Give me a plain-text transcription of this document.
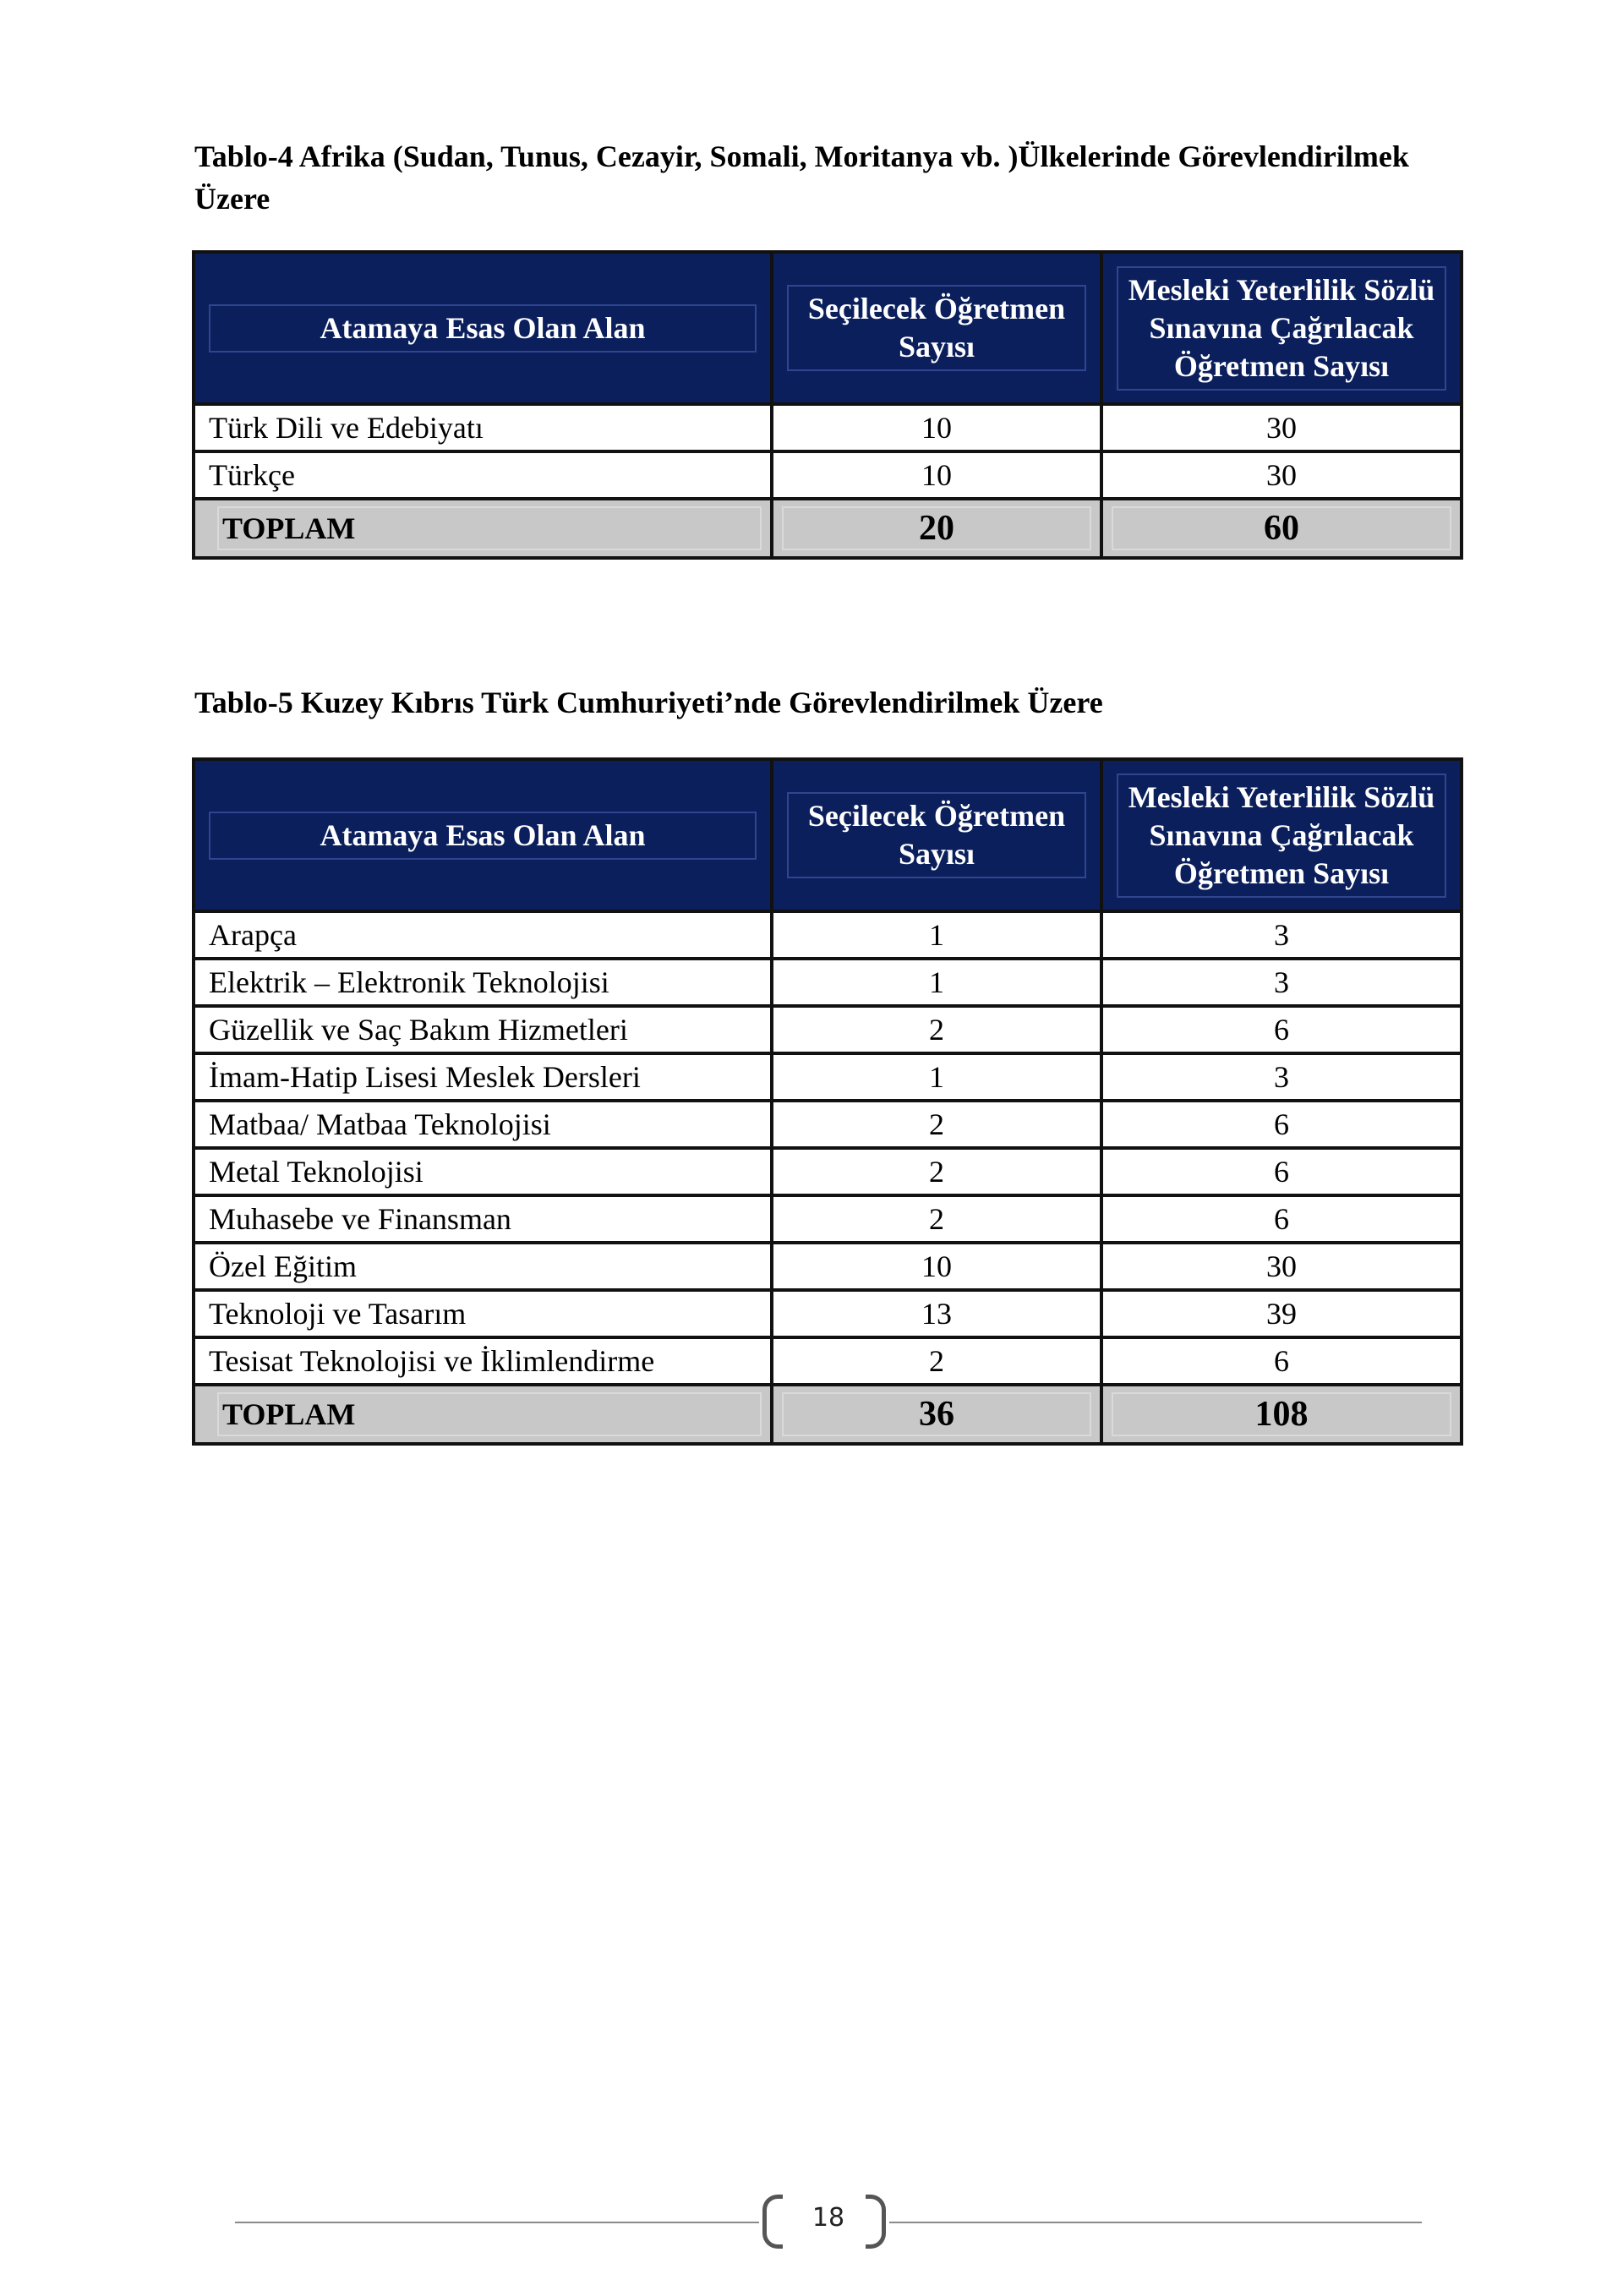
Tablo-4 Afrika (Sudan, Tunus, Cezayir, Somali, Moritanya vb. )Ülkelerinde Görevlendirilmek Üzere
Atamaya Esas Olan Alan	Seçilecek Öğretmen Sayısı	Mesleki Yeterlilik Sözlü Sınavına Çağrılacak Öğretmen Sayısı

Türk Dili ve Edebiyatı	10	30
Türkçe	10	30

TOPLAM	20	60
Tablo-5 Kuzey Kıbrıs Türk Cumhuriyeti’nde Görevlendirilmek Üzere
Atamaya Esas Olan Alan	Seçilecek Öğretmen Sayısı	Mesleki Yeterlilik Sözlü Sınavına Çağrılacak Öğretmen Sayısı

Arapça	1	3
Elektrik – Elektronik Teknolojisi	1	3
Güzellik ve Saç Bakım Hizmetleri	2	6
İmam-Hatip Lisesi Meslek Dersleri	1	3
Matbaa/ Matbaa Teknolojisi	2	6
Metal Teknolojisi	2	6
Muhasebe ve Finansman	2	6
Özel Eğitim	10	30
Teknoloji ve Tasarım	13	39
Tesisat Teknolojisi ve İklimlendirme	2	6

TOPLAM	36	108
18
